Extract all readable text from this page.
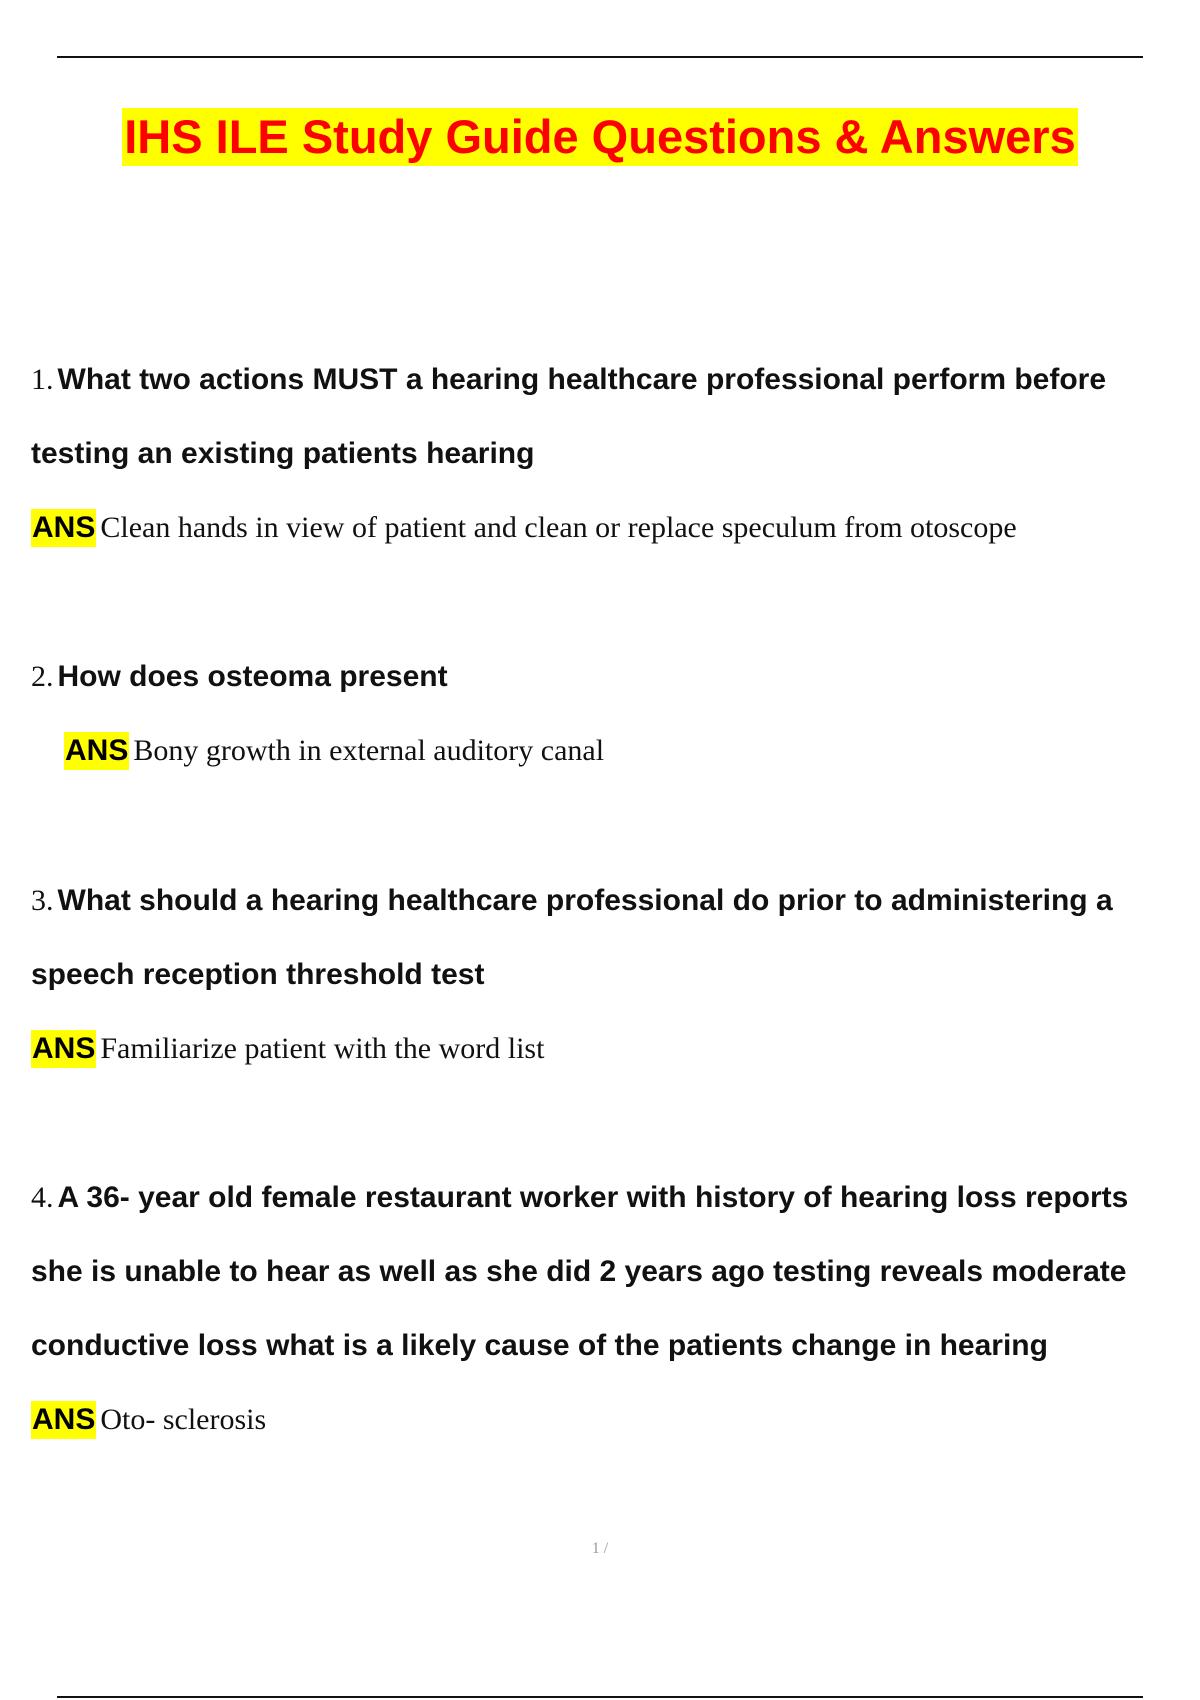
IHS ILE Study Guide Questions & Answers
1. What two actions MUST a hearing healthcare professional perform before
testing an existing patients hearing
ANS Clean hands in view of patient and clean or replace speculum from otoscope
2. How does osteoma present
ANS Bony growth in external auditory canal
3. What should a hearing healthcare professional do prior to administering a
speech reception threshold test
ANS Familiarize patient with the word list
4. A 36- year old female restaurant worker with history of hearing loss reports
she is unable to hear as well as she did 2 years ago testing reveals moderate
conductive loss what is a likely cause of the patients change in hearing
ANS Oto- sclerosis
1 /
